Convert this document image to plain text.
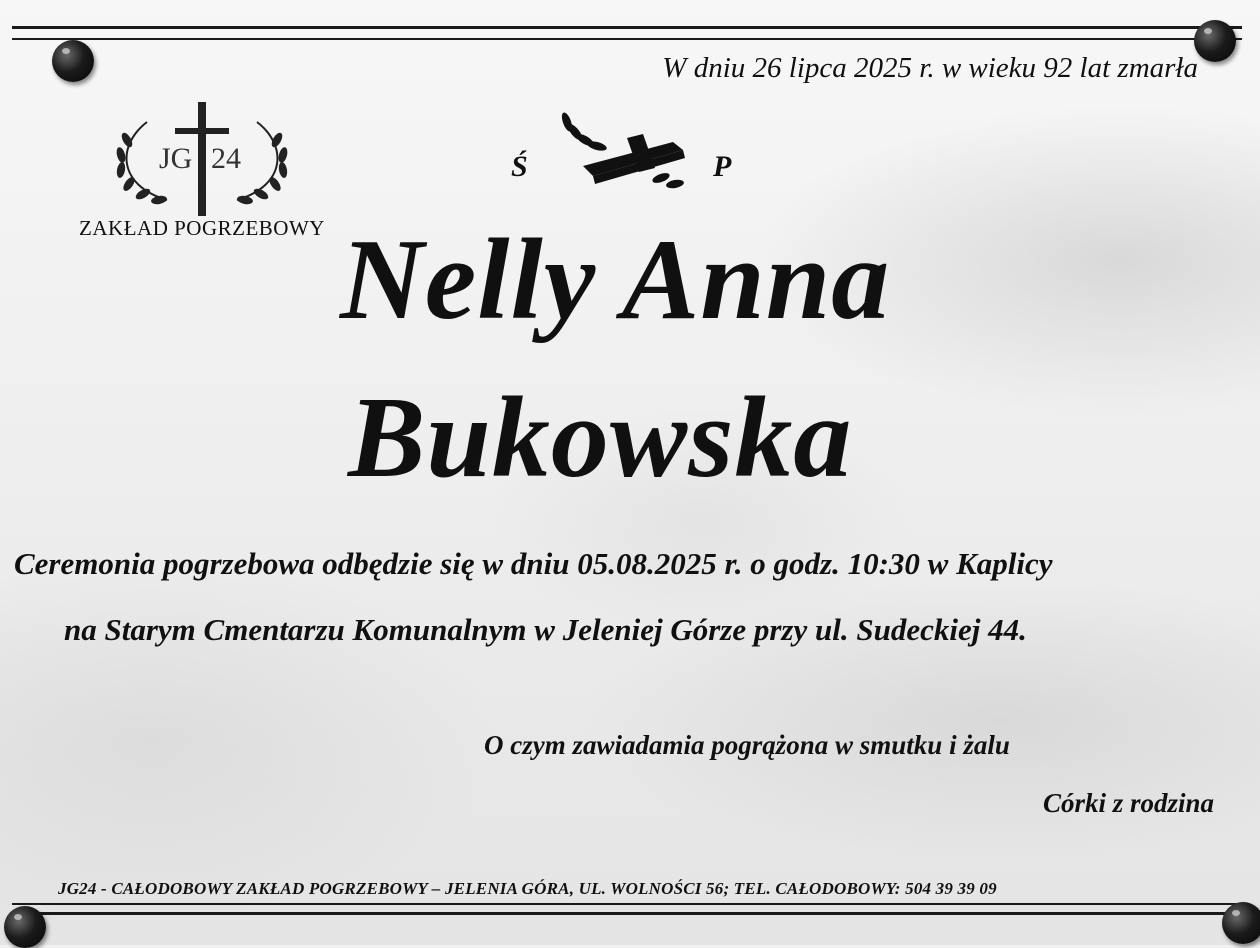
W dniu 26 lipca 2025 r. w wieku 92 lat zmarła
JG 24
ZAKŁAD POGRZEBOWY
Ś	P
Nelly Anna
Bukowska
Ceremonia pogrzebowa odbędzie się w dniu 05.08.2025 r. o godz. 10:30 w Kaplicy
na Starym Cmentarzu Komunalnym w Jeleniej Górze przy ul. Sudeckiej 44.
O czym zawiadamia pogrążona w smutku i żalu
Córki z rodzina
JG24 - CAŁODOBOWY ZAKŁAD POGRZEBOWY – JELENIA GÓRA, UL. WOLNOŚCI 56; TEL. CAŁODOBOWY: 504 39 39 09
